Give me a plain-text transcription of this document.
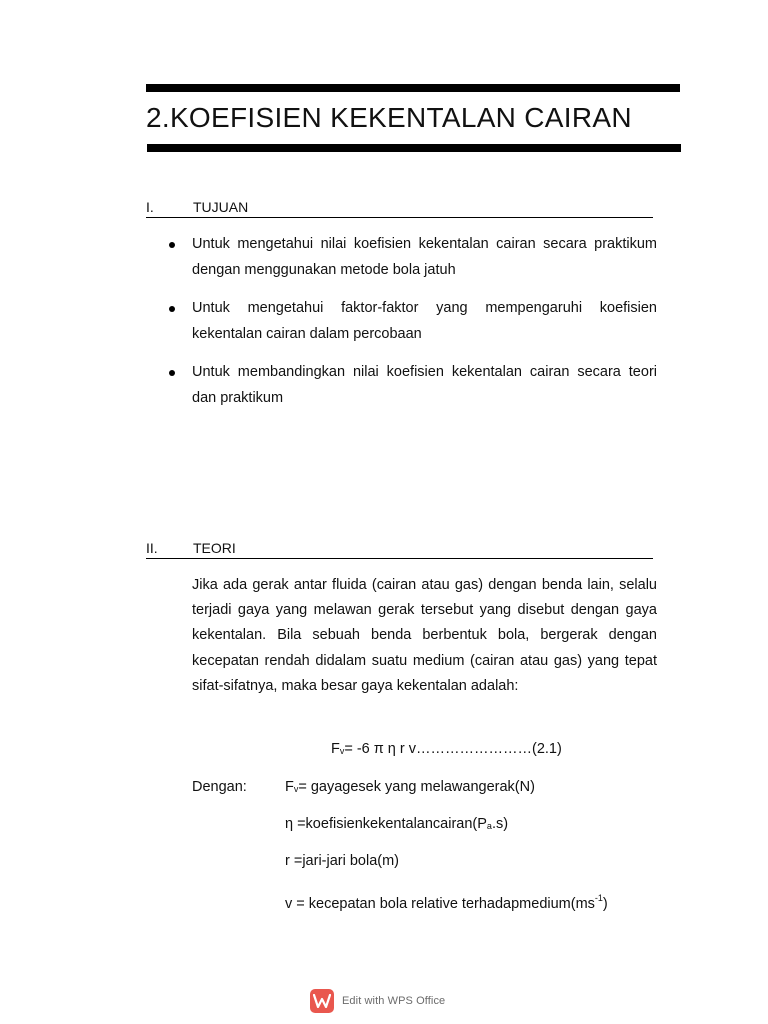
2.KOEFISIEN KEKENTALAN CAIRAN
I.	TUJUAN
Untuk mengetahui nilai koefisien kekentalan cairan secara praktikum dengan menggunakan metode bola jatuh
Untuk mengetahui faktor-faktor yang mempengaruhi koefisien kekentalan cairan dalam percobaan
Untuk membandingkan nilai koefisien kekentalan cairan secara teori dan praktikum
II.	TEORI

Jika ada gerak antar fluida (cairan atau gas) dengan benda lain, selalu terjadi gaya yang melawan gerak tersebut yang disebut dengan gaya kekentalan. Bila sebuah benda berbentuk bola, bergerak dengan kecepatan rendah didalam suatu medium (cairan atau gas) yang tepat sifat-sifatnya, maka besar gaya kekentalan adalah:

Fv= -6 π η r v……………………(2.1)
Dengan:	Fv= gayagesek yang melawangerak(N)
η =koefisienkekentalancairan(Pa.s)
r =jari-jari bola(m)
v = kecepatan bola relative $terhadapmedium(ms^{-1})$
Edit with WPS Office
